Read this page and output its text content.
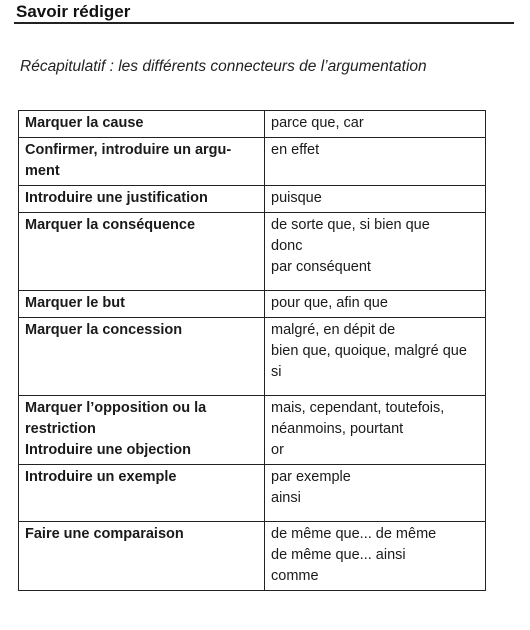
Savoir rédiger
Récapitulatif : les différents connecteurs de l’argumentation
Marquer la cause	parce que, car

Confirmer, introduire un argu-
ment	en effet

Introduire une justification	puisque

Marquer la conséquence	de sorte que, si bien que
donc
par conséquent

Marquer le but	pour que, afin que

Marquer la concession	malgré, en dépit de
bien que, quoique, malgré que
si

Marquer l’opposition ou la
restriction
Introduire une objection	mais, cependant, toutefois,
néanmoins, pourtant
or

Introduire un exemple	par exemple
ainsi

Faire une comparaison	de même que... de même
de même que... ainsi
comme
